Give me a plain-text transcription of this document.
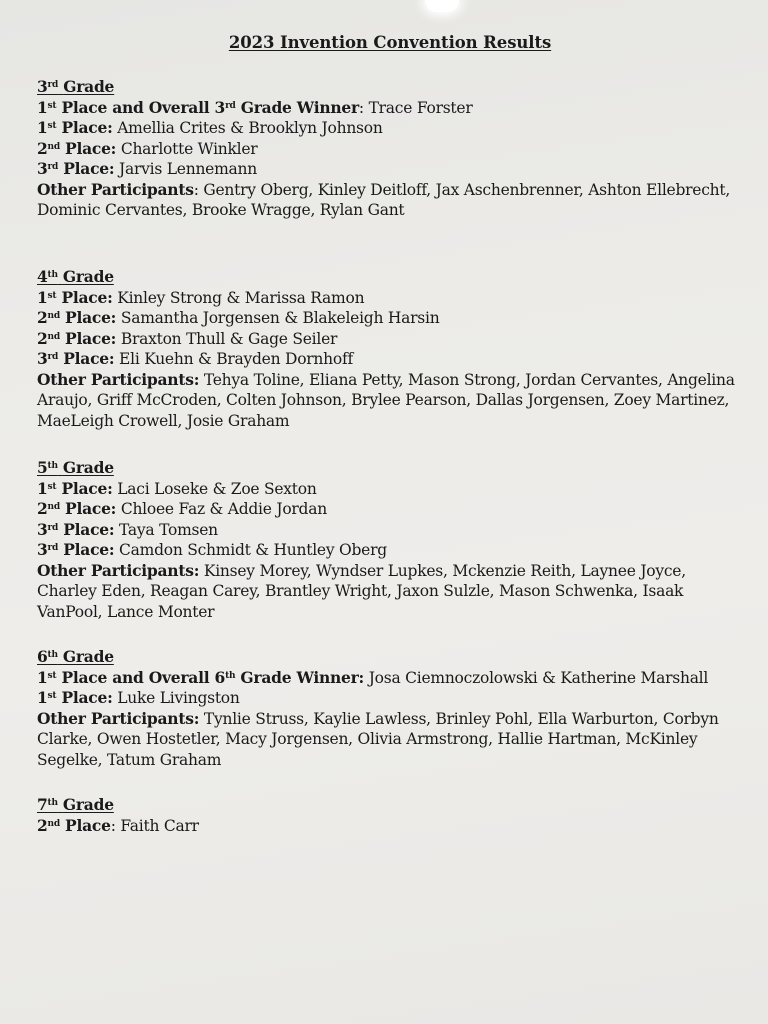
2023 Invention Convention Results
3rd Grade
1st Place and Overall 3rd Grade Winner: Trace Forster
1st Place: Amellia Crites & Brooklyn Johnson
2nd Place: Charlotte Winkler
3rd Place: Jarvis Lennemann
Other Participants: Gentry Oberg, Kinley Deitloff, Jax Aschenbrenner, Ashton Ellebrecht, Dominic Cervantes, Brooke Wragge, Rylan Gant
4th Grade
1st Place: Kinley Strong & Marissa Ramon
2nd Place: Samantha Jorgensen & Blakeleigh Harsin
2nd Place: Braxton Thull & Gage Seiler
3rd Place: Eli Kuehn & Brayden Dornhoff
Other Participants: Tehya Toline, Eliana Petty, Mason Strong, Jordan Cervantes, Angelina Araujo, Griff McCroden, Colten Johnson, Brylee Pearson, Dallas Jorgensen, Zoey Martinez, MaeLeigh Crowell, Josie Graham
5th Grade
1st Place: Laci Loseke & Zoe Sexton
2nd Place: Chloee Faz & Addie Jordan
3rd Place: Taya Tomsen
3rd Place: Camdon Schmidt & Huntley Oberg
Other Participants: Kinsey Morey, Wyndser Lupkes, Mckenzie Reith, Laynee Joyce, Charley Eden, Reagan Carey, Brantley Wright, Jaxon Sulzle, Mason Schwenka, Isaak VanPool, Lance Monter
6th Grade
1st Place and Overall 6th Grade Winner: Josa Ciemnoczolowski & Katherine Marshall
1st Place: Luke Livingston
Other Participants: Tynlie Struss, Kaylie Lawless, Brinley Pohl, Ella Warburton, Corbyn Clarke, Owen Hostetler, Macy Jorgensen, Olivia Armstrong, Hallie Hartman, McKinley Segelke, Tatum Graham
7th Grade
2nd Place: Faith Carr
